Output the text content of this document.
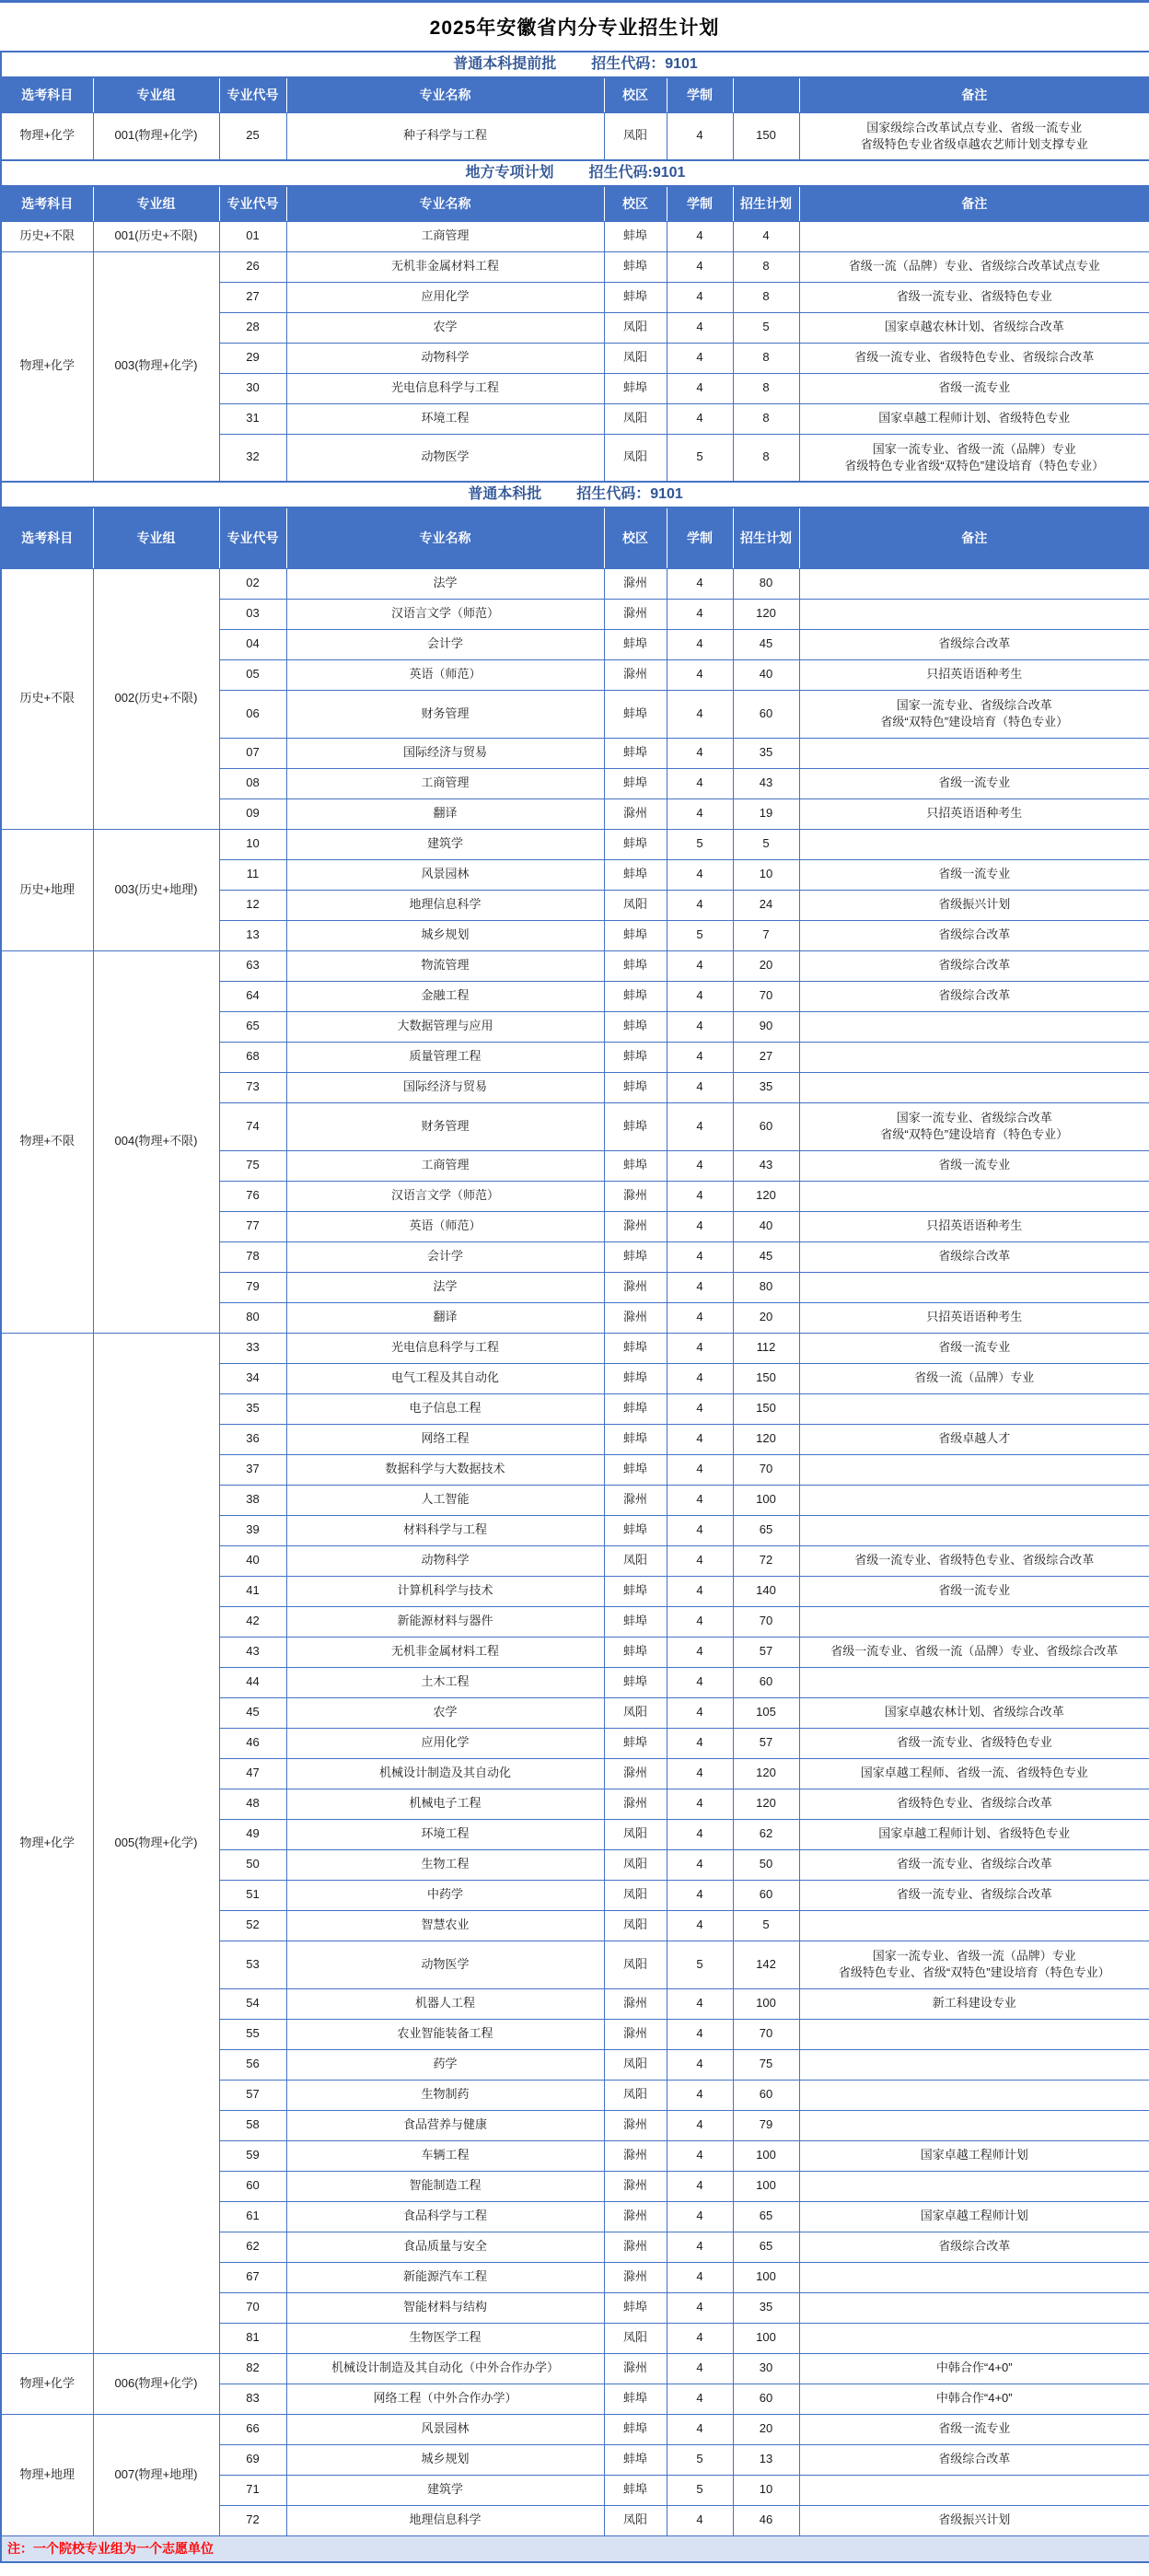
2025年安徽省内分专业招生计划
普通本科提前批 招生代码：9101							
选考科目	专业组	专业代号	专业名称	校区	学制		备注
物理+化学	001(物理+化学)	25	种子科学与工程	凤阳	4	150	国家级综合改革试点专业、省级一流专业
省级特色专业省级卓越农艺师计划支撑专业

地方专项计划 招生代码:9101							
选考科目	专业组	专业代号	专业名称	校区	学制	招生计划	备注
历史+不限	001(历史+不限)	01	工商管理	蚌埠	4	4	
物理+化学	003(物理+化学)	26	无机非金属材料工程	蚌埠	4	8	省级一流（品牌）专业、省级综合改革试点专业
		27	应用化学	蚌埠	4	8	省级一流专业、省级特色专业
		28	农学	凤阳	4	5	国家卓越农林计划、省级综合改革
		29	动物科学	凤阳	4	8	省级一流专业、省级特色专业、省级综合改革
		30	光电信息科学与工程	蚌埠	4	8	省级一流专业
		31	环境工程	凤阳	4	8	国家卓越工程师计划、省级特色专业
		32	动物医学	凤阳	5	8	国家一流专业、省级一流（品牌）专业
省级特色专业省级“双特色”建设培育（特色专业）

普通本科批 招生代码：9101							
选考科目	专业组	专业代号	专业名称	校区	学制	招生计划	备注
历史+不限	002(历史+不限)	02	法学	滁州	4	80	
		03	汉语言文学（师范）	滁州	4	120	
		04	会计学	蚌埠	4	45	省级综合改革
		05	英语（师范）	滁州	4	40	只招英语语种考生
		06	财务管理	蚌埠	4	60	国家一流专业、省级综合改革
省级“双特色”建设培育（特色专业）

		07	国际经济与贸易	蚌埠	4	35	
		08	工商管理	蚌埠	4	43	省级一流专业
		09	翻译	滁州	4	19	只招英语语种考生
历史+地理	003(历史+地理)	10	建筑学	蚌埠	5	5	
		11	风景园林	蚌埠	4	10	省级一流专业
		12	地理信息科学	凤阳	4	24	省级振兴计划
		13	城乡规划	蚌埠	5	7	省级综合改革
物理+不限	004(物理+不限)	63	物流管理	蚌埠	4	20	省级综合改革
		64	金融工程	蚌埠	4	70	省级综合改革
		65	大数据管理与应用	蚌埠	4	90	
		68	质量管理工程	蚌埠	4	27	
		73	国际经济与贸易	蚌埠	4	35	
		74	财务管理	蚌埠	4	60	国家一流专业、省级综合改革
省级“双特色”建设培育（特色专业）

		75	工商管理	蚌埠	4	43	省级一流专业
		76	汉语言文学（师范）	滁州	4	120	
		77	英语（师范）	滁州	4	40	只招英语语种考生
		78	会计学	蚌埠	4	45	省级综合改革
		79	法学	滁州	4	80	
		80	翻译	滁州	4	20	只招英语语种考生
物理+化学	005(物理+化学)	33	光电信息科学与工程	蚌埠	4	112	省级一流专业
		34	电气工程及其自动化	蚌埠	4	150	省级一流（品牌）专业
		35	电子信息工程	蚌埠	4	150	
		36	网络工程	蚌埠	4	120	省级卓越人才
		37	数据科学与大数据技术	蚌埠	4	70	
		38	人工智能	滁州	4	100	
		39	材料科学与工程	蚌埠	4	65	
		40	动物科学	凤阳	4	72	省级一流专业、省级特色专业、省级综合改革
		41	计算机科学与技术	蚌埠	4	140	省级一流专业
		42	新能源材料与器件	蚌埠	4	70	
		43	无机非金属材料工程	蚌埠	4	57	省级一流专业、省级一流（品牌）专业、省级综合改革
		44	土木工程	蚌埠	4	60	
		45	农学	凤阳	4	105	国家卓越农林计划、省级综合改革
		46	应用化学	蚌埠	4	57	省级一流专业、省级特色专业
		47	机械设计制造及其自动化	滁州	4	120	国家卓越工程师、省级一流、省级特色专业
		48	机械电子工程	滁州	4	120	省级特色专业、省级综合改革
		49	环境工程	凤阳	4	62	国家卓越工程师计划、省级特色专业
		50	生物工程	凤阳	4	50	省级一流专业、省级综合改革
		51	中药学	凤阳	4	60	省级一流专业、省级综合改革
		52	智慧农业	凤阳	4	5	
		53	动物医学	凤阳	5	142	国家一流专业、省级一流（品牌）专业
省级特色专业、省级“双特色”建设培育（特色专业）

		54	机器人工程	滁州	4	100	新工科建设专业
		55	农业智能装备工程	滁州	4	70	
		56	药学	凤阳	4	75	
		57	生物制药	凤阳	4	60	
		58	食品营养与健康	滁州	4	79	
		59	车辆工程	滁州	4	100	国家卓越工程师计划
		60	智能制造工程	滁州	4	100	
		61	食品科学与工程	滁州	4	65	国家卓越工程师计划
		62	食品质量与安全	滁州	4	65	省级综合改革
		67	新能源汽车工程	滁州	4	100	
		70	智能材料与结构	蚌埠	4	35	
		81	生物医学工程	凤阳	4	100	
物理+化学	006(物理+化学)	82	机械设计制造及其自动化（中外合作办学）	滁州	4	30	中韩合作“4+0”
		83	网络工程（中外合作办学）	蚌埠	4	60	中韩合作“4+0”
物理+地理	007(物理+地理)	66	风景园林	蚌埠	4	20	省级一流专业
		69	城乡规划	蚌埠	5	13	省级综合改革
		71	建筑学	蚌埠	5	10	
		72	地理信息科学	凤阳	4	46	省级振兴计划
注：一个院校专业组为一个志愿单位							
